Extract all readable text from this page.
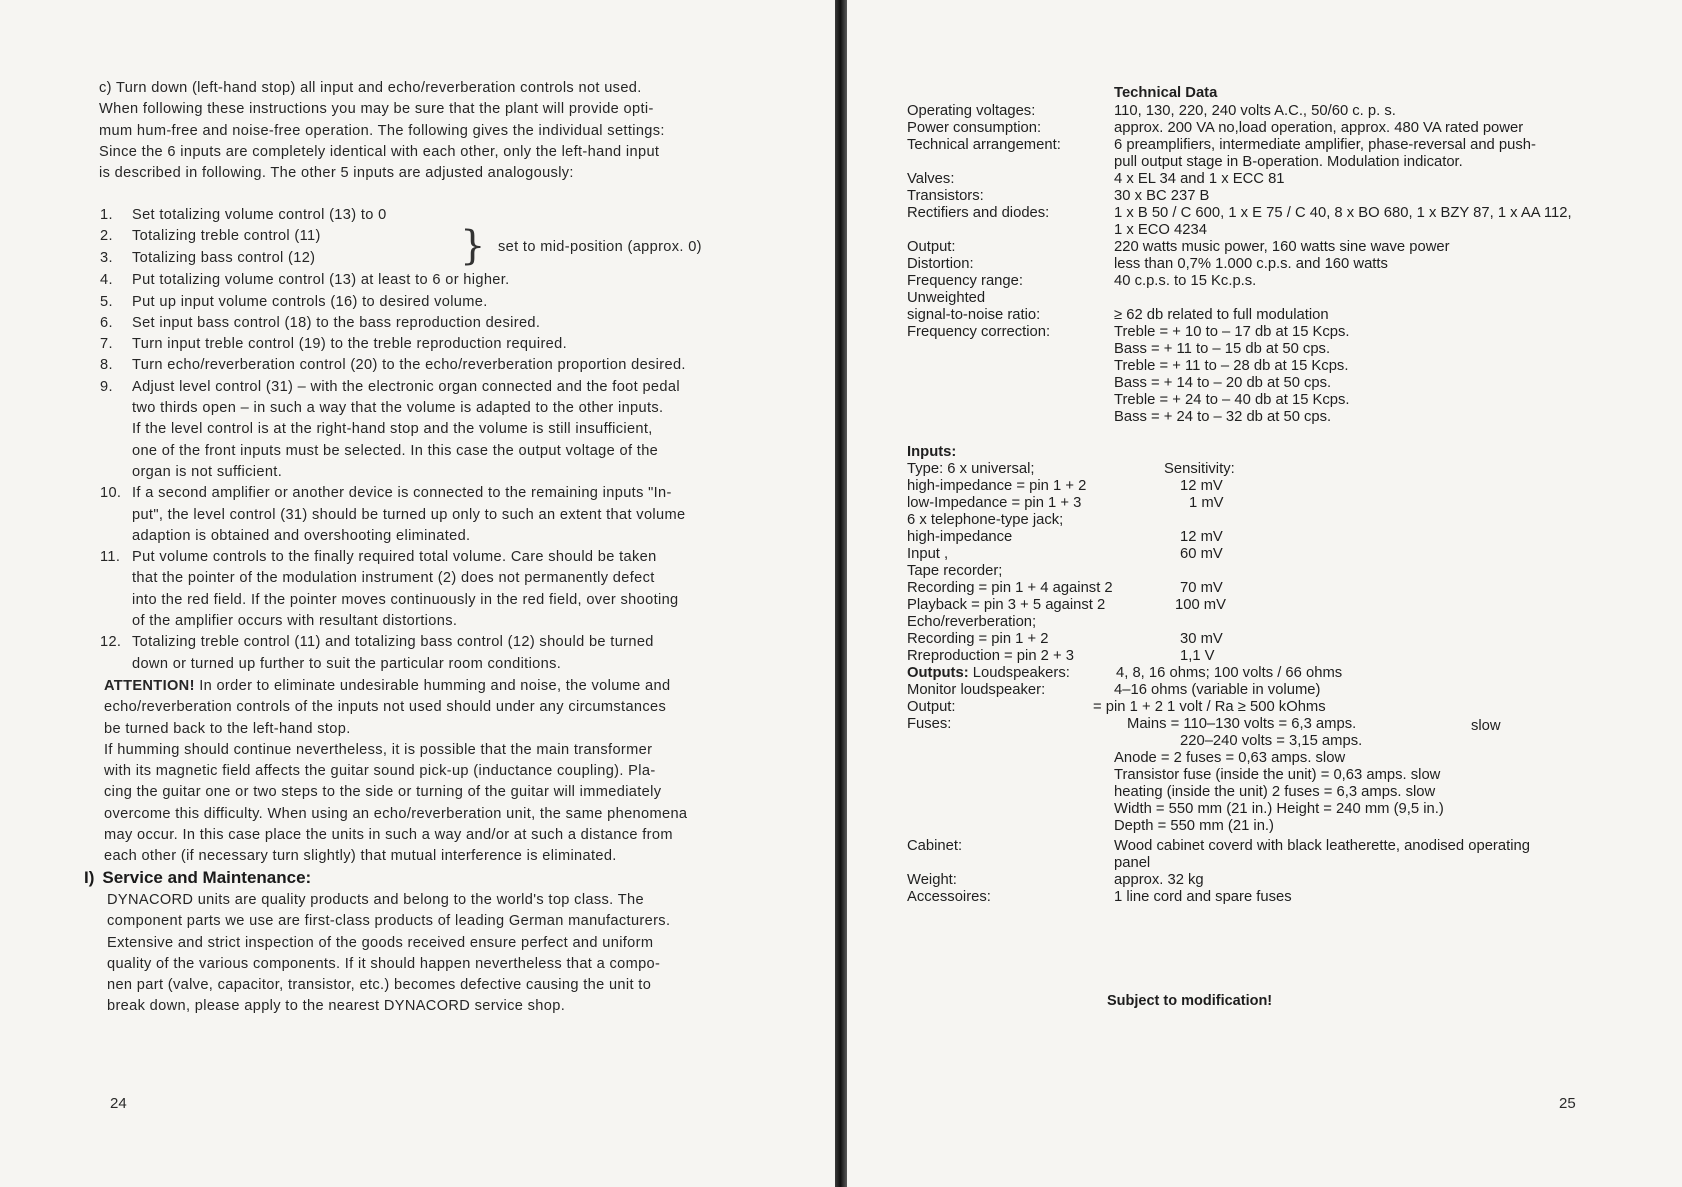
c) Turn down (left-hand stop) all input and echo/reverberation controls not used.
When following these instructions you may be sure that the plant will provide opti-
mum hum-free and noise-free operation. The following gives the individual settings:
Since the 6 inputs are completely identical with each other, only the left-hand input
is described in following. The other 5 inputs are adjusted analogously:
1. Set totalizing volume control (13) to 0
2. Totalizing treble control (11)
3. Totalizing bass control (12)	} set to mid-position (approx. 0)
4. Put totalizing volume control (13) at least to 6 or higher.
5. Put up input volume controls (16) to desired volume.
6. Set input bass control (18) to the bass reproduction desired.
7. Turn input treble control (19) to the treble reproduction required.
8. Turn echo/reverberation control (20) to the echo/reverberation proportion desired.
9. Adjust level control (31) – with the electronic organ connected and the foot pedal
two thirds open – in such a way that the volume is adapted to the other inputs.
If the level control is at the right-hand stop and the volume is still insufficient,
one of the front inputs must be selected. In this case the output voltage of the
organ is not sufficient.
10. If a second amplifier or another device is connected to the remaining inputs "In-
put", the level control (31) should be turned up only to such an extent that volume
adaption is obtained and overshooting eliminated.
11. Put volume controls to the finally required total volume. Care should be taken
that the pointer of the modulation instrument (2) does not permanently defect
into the red field. If the pointer moves continuously in the red field, over shooting
of the amplifier occurs with resultant distortions.
12. Totalizing treble control (11) and totalizing bass control (12) should be turned
down or turned up further to suit the particular room conditions.
ATTENTION! In order to eliminate undesirable humming and noise, the volume and
echo/reverberation controls of the inputs not used should under any circumstances
be turned back to the left-hand stop.
If humming should continue nevertheless, it is possible that the main transformer
with its magnetic field affects the guitar sound pick-up (inductance coupling). Pla-
cing the guitar one or two steps to the side or turning of the guitar will immediately
overcome this difficulty. When using an echo/reverberation unit, the same phenomena
may occur. In this case place the units in such a way and/or at such a distance from
each other (if necessary turn slightly) that mutual interference is eliminated.
I) Service and Maintenance:
DYNACORD units are quality products and belong to the world's top class. The
component parts we use are first-class products of leading German manufacturers.
Extensive and strict inspection of the goods received ensure perfect and uniform
quality of the various components. If it should happen nevertheless that a compo-
nen part (valve, capacitor, transistor, etc.) becomes defective causing the unit to
break down, please apply to the nearest DYNACORD service shop.
24
Technical Data
Operating voltages:	110, 130, 220, 240 volts A.C., 50/60 c. p. s.
Power consumption:	approx. 200 VA no,load operation, approx. 480 VA rated power
Technical arrangement:	6 preamplifiers, intermediate amplifier, phase-reversal and push-
pull output stage in B-operation. Modulation indicator.
Valves:	4 x EL 34 and 1 x ECC 81
Transistors:	30 x BC 237 B
Rectifiers and diodes:	1 x B 50 / C 600, 1 x E 75 / C 40, 8 x BO 680, 1 x BZY 87, 1 x AA 112,
1 x ECO 4234
Output:	220 watts music power, 160 watts sine wave power
Distortion:	less than 0,7% 1.000 c.p.s. and 160 watts
Frequency range:	40 c.p.s. to 15 Kc.p.s.
Unweighted
signal-to-noise ratio:	≥ 62 db related to full modulation
Frequency correction:	Treble = + 10 to – 17 db at 15 Kcps.
Bass = + 11 to – 15 db at 50 cps.
Treble = + 11 to – 28 db at 15 Kcps.
Bass = + 14 to – 20 db at 50 cps.
Treble = + 24 to – 40 db at 15 Kcps.
Bass = + 24 to – 32 db at 50 cps.
Inputs:
Type: 6 x universal;	Sensitivity:
high-impedance = pin 1 + 2	12 mV
low-Impedance = pin 1 + 3	1 mV
6 x telephone-type jack;
high-impedance	12 mV
Input ,	60 mV
Tape recorder;
Recording = pin 1 + 4 against 2	70 mV
Playback = pin 3 + 5 against 2	100 mV
Echo/reverberation;
Recording = pin 1 + 2	30 mV
Rreproduction = pin 2 + 3	1,1 V
Outputs: Loudspeakers:	4, 8, 16 ohms; 100 volts / 66 ohms
Monitor loudspeaker:	4–16 ohms (variable in volume)
Output:	= pin 1 + 2 1 volt / Ra ≥ 500 kOhms
Fuses:	Mains = 110–130 volts = 6,3 amps.	slow
220–240 volts = 3,15 amps.
Anode = 2 fuses = 0,63 amps. slow
Transistor fuse (inside the unit) = 0,63 amps. slow
heating (inside the unit) 2 fuses = 6,3 amps. slow
Width = 550 mm (21 in.) Height = 240 mm (9,5 in.)
Depth = 550 mm (21 in.)
Cabinet:	Wood cabinet coverd with black leatherette, anodised operating
panel
Weight:	approx. 32 kg
Accessoires:	1 line cord and spare fuses
Subject to modification!
25
